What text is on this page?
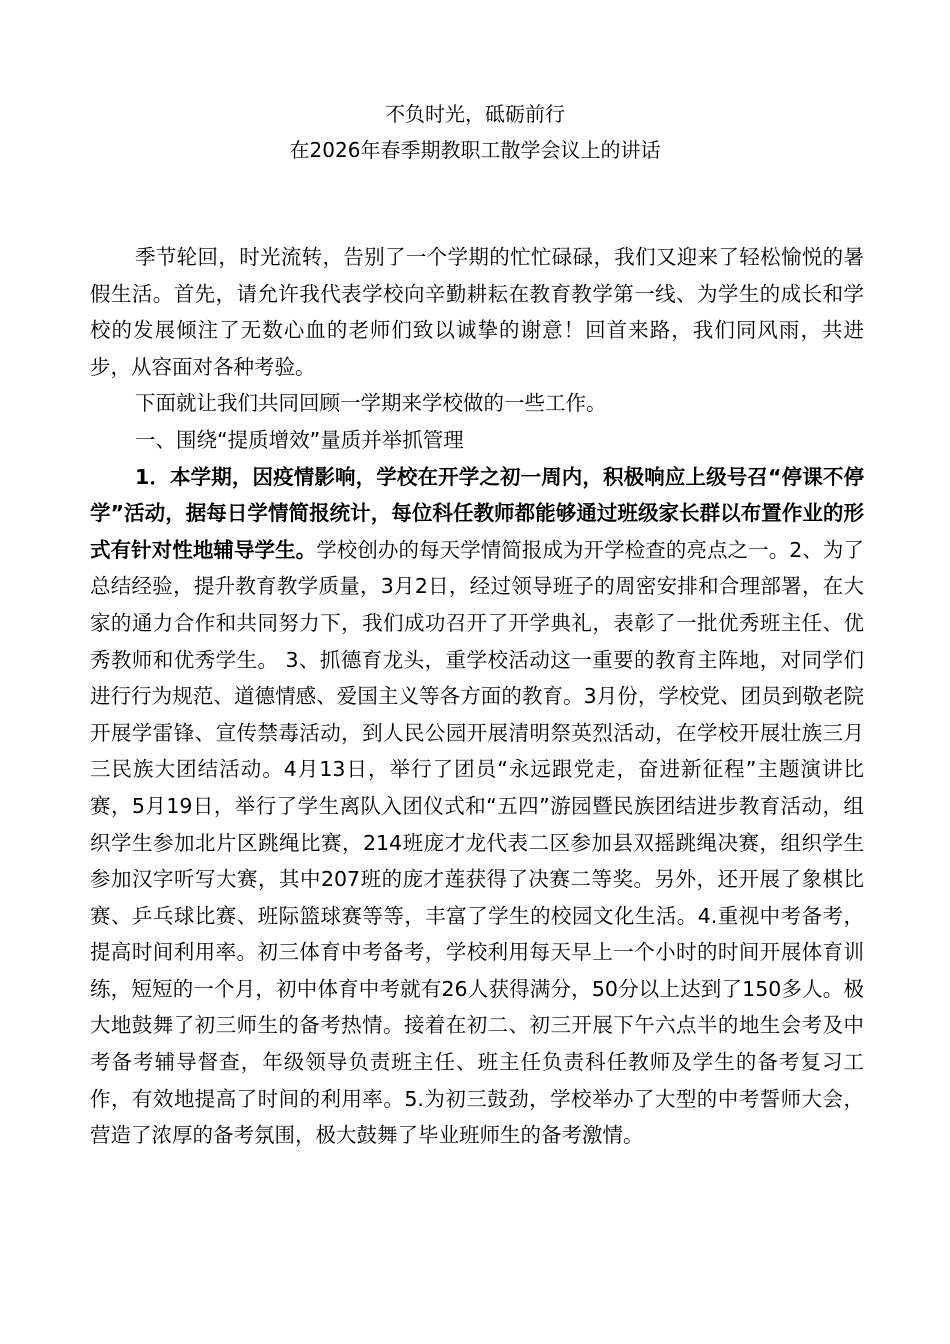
不负时光，砥砺前行

在2026年春季期教职工散学会议上的讲话

季节轮回，时光流转，告别了一个学期的忙忙碌碌，我们又迎来了轻松愉悦的暑假生活。首先，请允许我代表学校向辛勤耕耘在教育教学第一线、为学生的成长和学校的发展倾注了无数心血的老师们致以诚挚的谢意！回首来路，我们同风雨，共进步，从容面对各种考验。

下面就让我们共同回顾一学期来学校做的一些工作。

一、围绕“提质增效”量质并举抓管理

1．本学期，因疫情影响，学校在开学之初一周内，积极响应上级号召“停课不停学”活动，据每日学情简报统计，每位科任教师都能够通过班级家长群以布置作业的形式有针对性地辅导学生。学校创办的每天学情简报成为开学检查的亮点之一。2、为了总结经验，提升教育教学质量，3月2日，经过领导班子的周密安排和合理部署，在大家的通力合作和共同努力下，我们成功召开了开学典礼，表彰了一批优秀班主任、优秀教师和优秀学生。 3、抓德育龙头，重学校活动这一重要的教育主阵地，对同学们进行行为规范、道德情感、爱国主义等各方面的教育。3月份，学校党、团员到敬老院开展学雷锋、宣传禁毒活动，到人民公园开展清明祭英烈活动，在学校开展壮族三月三民族大团结活动。4月13日，举行了团员“永远跟党走，奋进新征程”主题演讲比赛，5月19日，举行了学生离队入团仪式和“五四”游园暨民族团结进步教育活动，组织学生参加北片区跳绳比赛，214班庞才龙代表二区参加县双摇跳绳决赛，组织学生参加汉字听写大赛，其中207班的庞才莲获得了决赛二等奖。另外，还开展了象棋比赛、乒乓球比赛、班际篮球赛等等，丰富了学生的校园文化生活。4.重视中考备考，提高时间利用率。初三体育中考备考，学校利用每天早上一个小时的时间开展体育训练，短短的一个月，初中体育中考就有26人获得满分，50分以上达到了150多人。极大地鼓舞了初三师生的备考热情。接着在初二、初三开展下午六点半的地生会考及中考备考辅导督查，年级领导负责班主任、班主任负责科任教师及学生的备考复习工作，有效地提高了时间的利用率。5.为初三鼓劲，学校举办了大型的中考誓师大会，营造了浓厚的备考氛围，极大鼓舞了毕业班师生的备考激情。
